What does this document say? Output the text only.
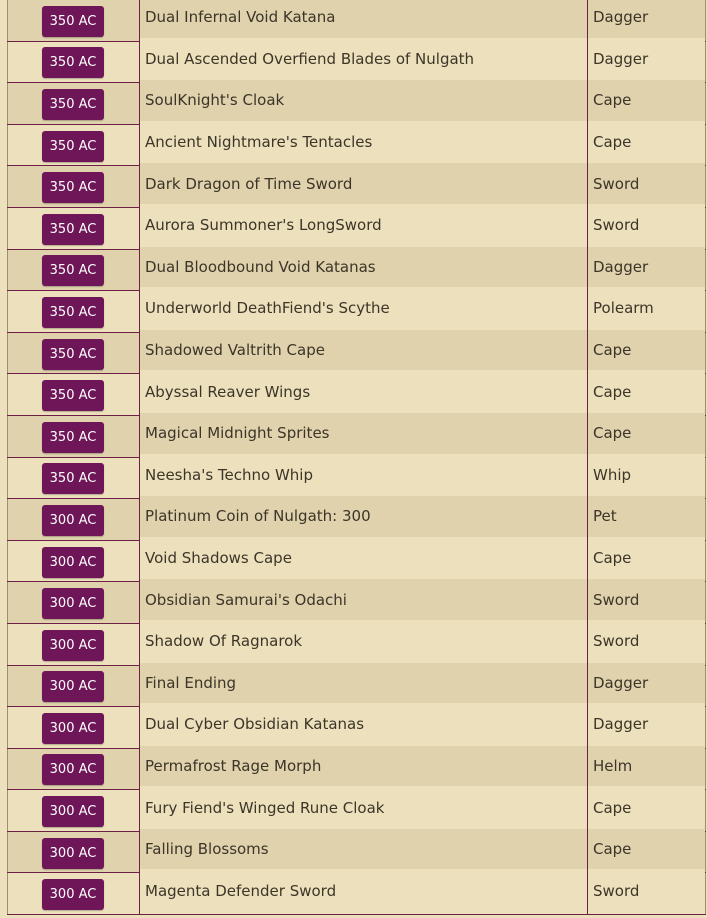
350 AC	Dual Infernal Void Katana	Dagger
350 AC	Dual Ascended Overfiend Blades of Nulgath	Dagger
350 AC	SoulKnight's Cloak	Cape
350 AC	Ancient Nightmare's Tentacles	Cape
350 AC	Dark Dragon of Time Sword	Sword
350 AC	Aurora Summoner's LongSword	Sword
350 AC	Dual Bloodbound Void Katanas	Dagger
350 AC	Underworld DeathFiend's Scythe	Polearm
350 AC	Shadowed Valtrith Cape	Cape
350 AC	Abyssal Reaver Wings	Cape
350 AC	Magical Midnight Sprites	Cape
350 AC	Neesha's Techno Whip	Whip
300 AC	Platinum Coin of Nulgath: 300	Pet
300 AC	Void Shadows Cape	Cape
300 AC	Obsidian Samurai's Odachi	Sword
300 AC	Shadow Of Ragnarok	Sword
300 AC	Final Ending	Dagger
300 AC	Dual Cyber Obsidian Katanas	Dagger
300 AC	Permafrost Rage Morph	Helm
300 AC	Fury Fiend's Winged Rune Cloak	Cape
300 AC	Falling Blossoms	Cape
300 AC	Magenta Defender Sword	Sword
